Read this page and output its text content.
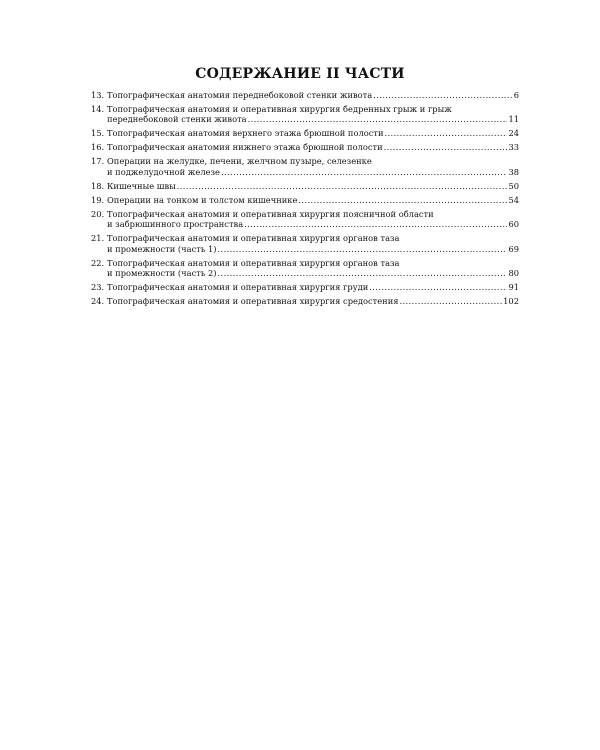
СОДЕРЖАНИЕ II ЧАСТИ
13. Топографическая анатомия переднебоковой стенки живота .....	6
14. Топографическая анатомия и оперативная хирургия бедренных грыж и грыж
переднебоковой стенки живота .....	11
15. Топографическая анатомия верхнего этажа брюшной полости .....	24
16. Топографическая анатомия нижнего этажа брюшной полости .....	33
17. Операции на желудке, печени, желчном пузыре, селезенке
и поджелудочной железе .....	38
18. Кишечные швы .....	50
19. Операции на тонком и толстом кишечнике .....	54
20. Топографическая анатомия и оперативная хирургия поясничной области
и забрюшинного пространства .....	60
21. Топографическая анатомия и оперативная хирургия органов таза
и промежности (часть 1) .....	69
22. Топографическая анатомия и оперативная хирургия органов таза
и промежности (часть 2) .....	80
23. Топографическая анатомия и оперативная хирургия груди .....	91
24. Топографическая анатомия и оперативная хирургия средостения .....	102
